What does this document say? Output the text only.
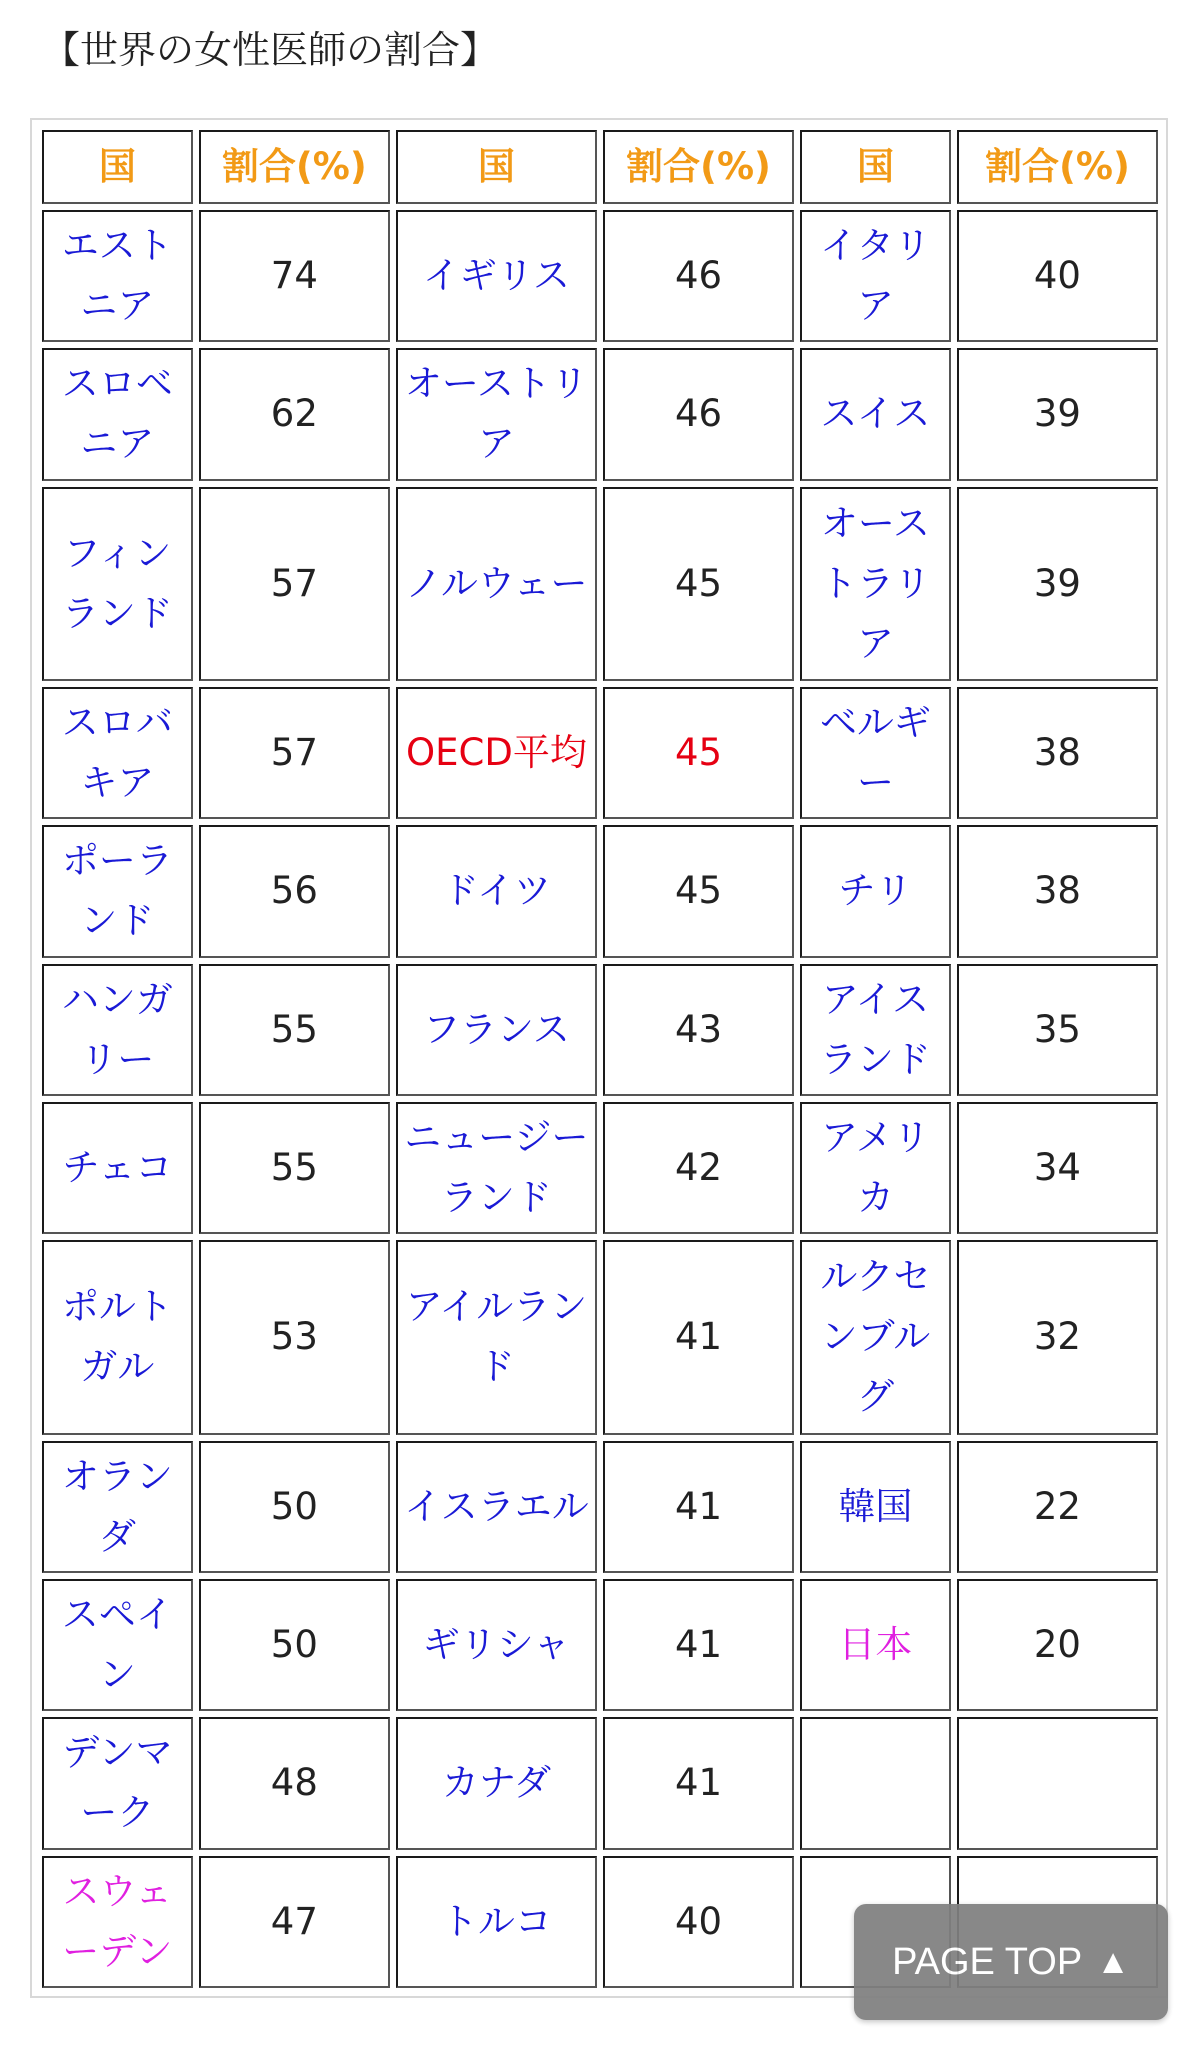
【世界の女性医師の割合】
国	割合(%)	国	割合(%)	国	割合(%)
エストニア	74	イギリス	46	イタリア	40
スロベニア	62	オーストリア	46	スイス	39
フィンランド	57	ノルウェー	45	オーストラリア	39
スロバキア	57	OECD平均	45	ベルギー	38
ポーランド	56	ドイツ	45	チリ	38
ハンガリー	55	フランス	43	アイスランド	35
チェコ	55	ニュージーランド	42	アメリカ	34
ポルトガル	53	アイルランド	41	ルクセンブルグ	32
オランダ	50	イスラエル	41	韓国	22
スペイン	50	ギリシャ	41	日本	20
デンマーク	48	カナダ	41		
スウェーデン	47	トルコ	40		
PAGE TOP ▲
